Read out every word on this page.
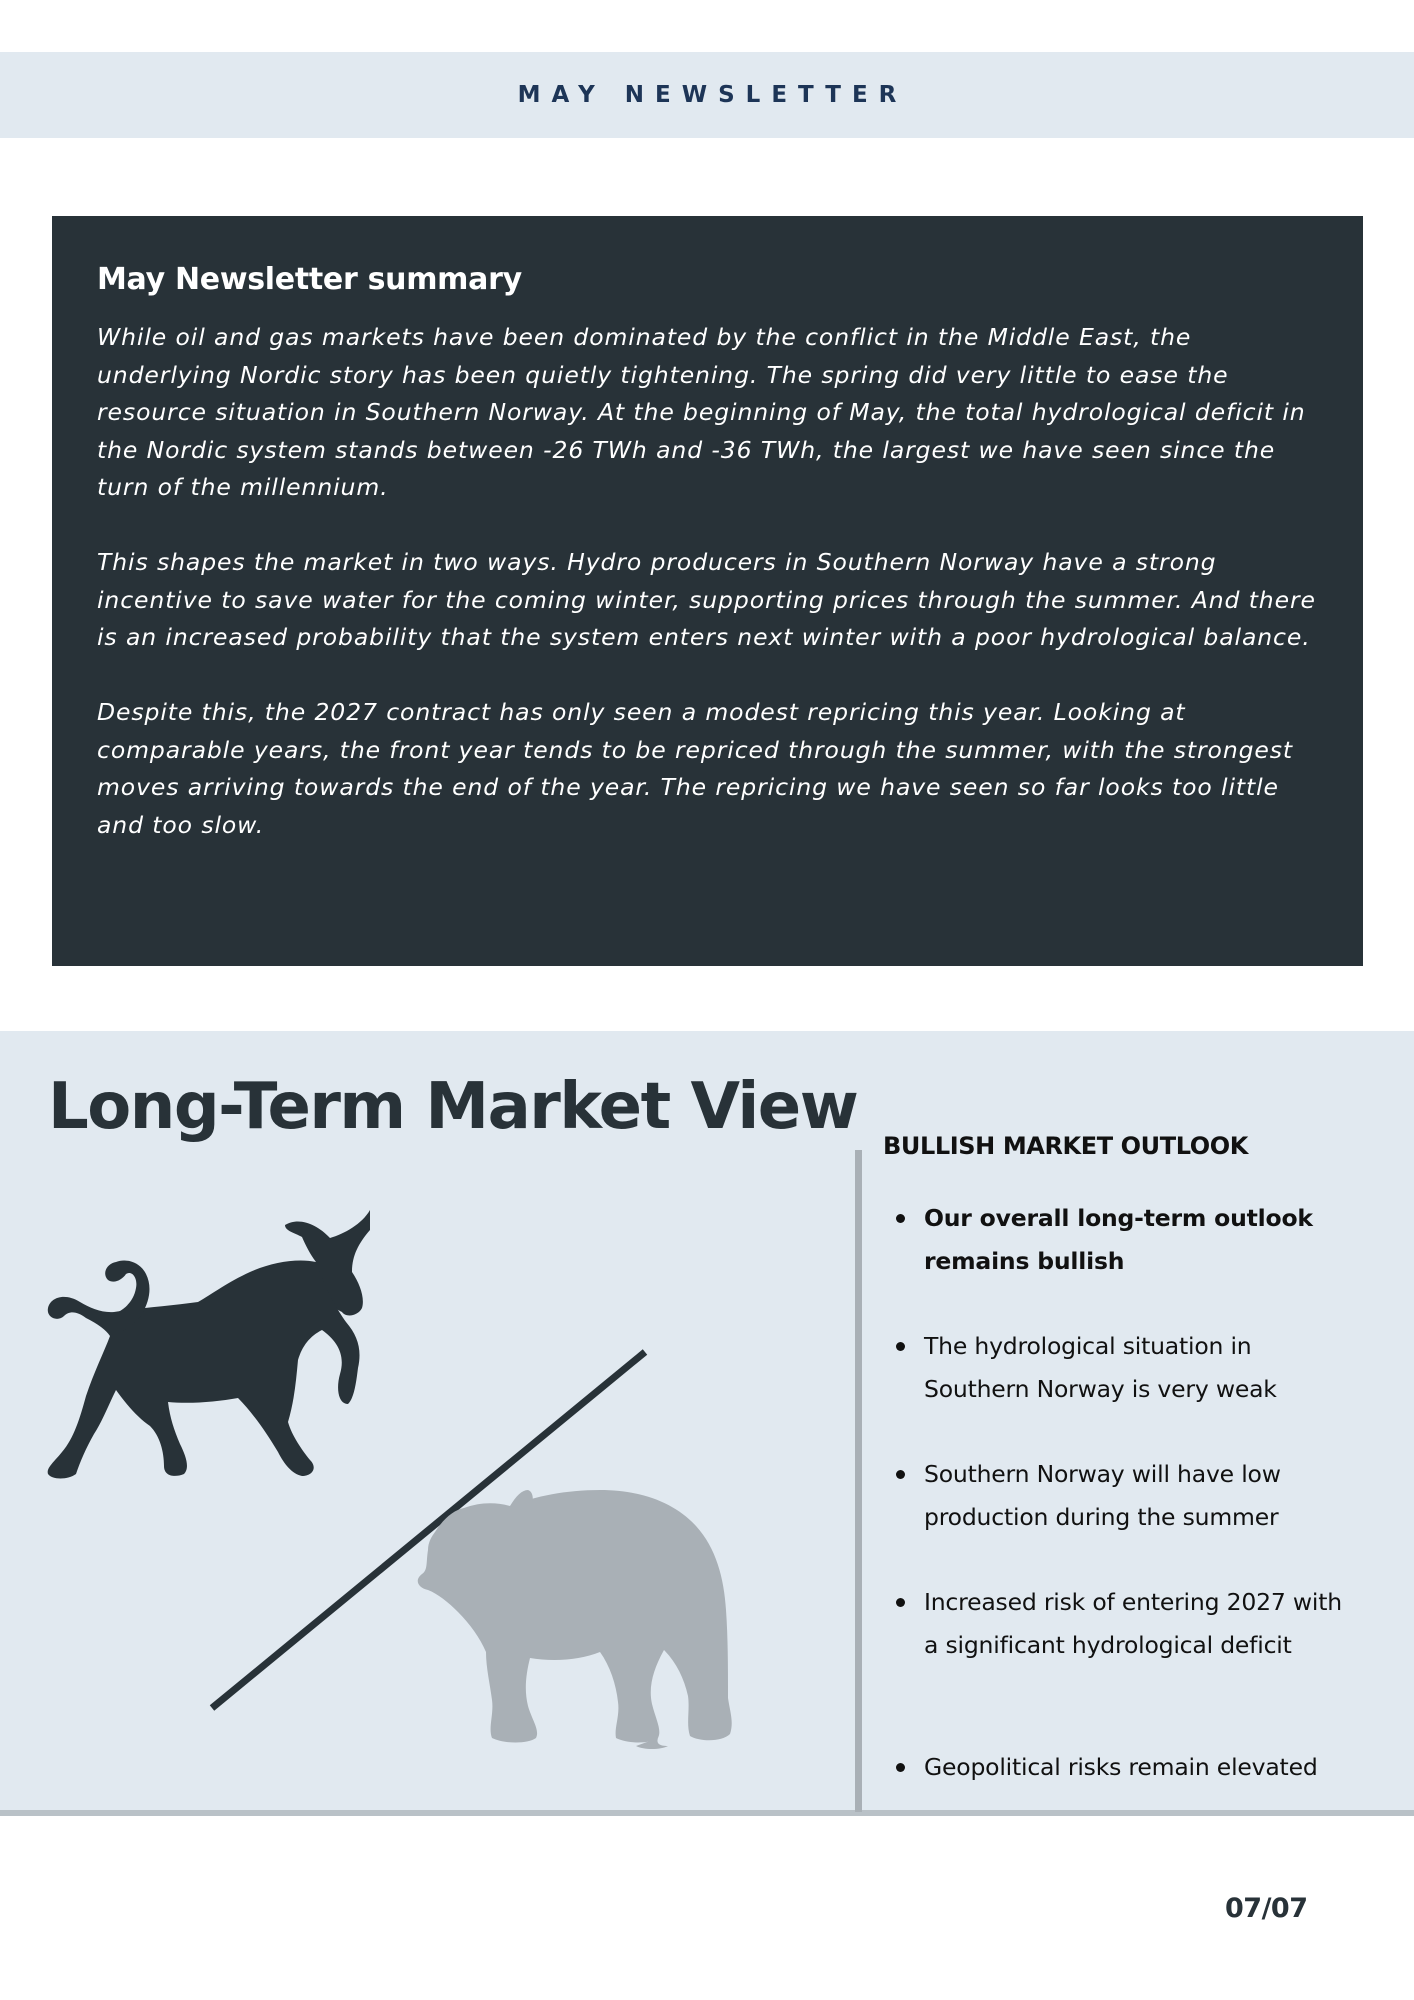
MAY NEWSLETTER
May Newsletter summary

While oil and gas markets have been dominated by the conflict in the Middle East, the underlying Nordic story has been quietly tightening. The spring did very little to ease the resource situation in Southern Norway. At the beginning of May, the total hydrological deficit in the Nordic system stands between -26 TWh and -36 TWh, the largest we have seen since the turn of the millennium.

This shapes the market in two ways. Hydro producers in Southern Norway have a strong incentive to save water for the coming winter, supporting prices through the summer. And there is an increased probability that the system enters next winter with a poor hydrological balance.

Despite this, the 2027 contract has only seen a modest repricing this year. Looking at comparable years, the front year tends to be repriced through the summer, with the strongest moves arriving towards the end of the year. The repricing we have seen so far looks too little and too slow.

Long-Term Market View
BULLISH MARKET OUTLOOK
Our overall long-term outlook remains bullish
The hydrological situation in Southern Norway is very weak
Southern Norway will have low production during the summer
Increased risk of entering 2027 with a significant hydrological deficit
Geopolitical risks remain elevated
07/07
